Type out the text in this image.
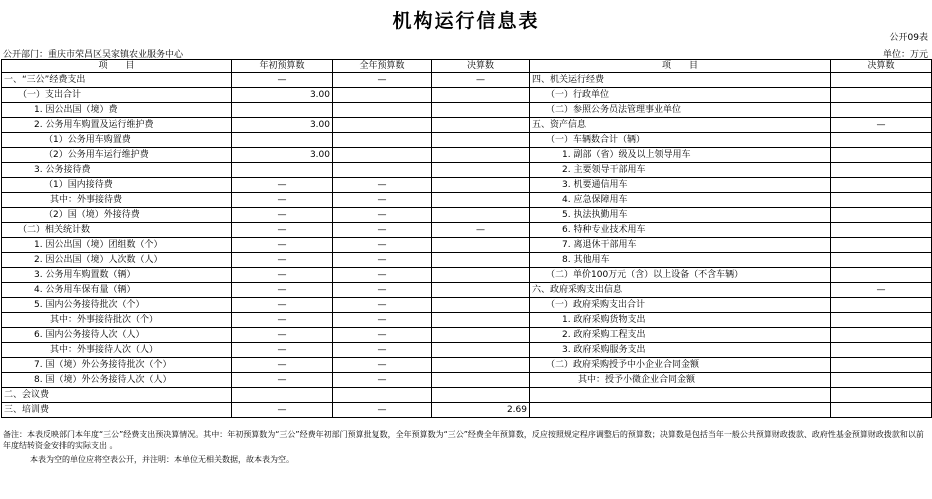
机构运行信息表
公开09表
公开部门：重庆市荣昌区吴家镇农业服务中心	单位：万元
项　　目	年初预算数	全年预算数	决算数	项　　目	决算数
一、“三公”经费支出	—	—	—	四、机关运行经费	
（一）支出合计	3.00			（一）行政单位	
1. 因公出国（境）费				（二）参照公务员法管理事业单位	
2. 公务用车购置及运行维护费	3.00			五、资产信息	—
（1）公务用车购置费				（一）车辆数合计（辆）	
（2）公务用车运行维护费	3.00			1. 副部（省）级及以上领导用车	
3. 公务接待费				2. 主要领导干部用车	
（1）国内接待费	—	—		3. 机要通信用车	
其中：外事接待费	—	—		4. 应急保障用车	
（2）国（境）外接待费	—	—		5. 执法执勤用车	
（二）相关统计数	—	—	—	6. 特种专业技术用车	
1. 因公出国（境）团组数（个）	—	—		7. 离退休干部用车	
2. 因公出国（境）人次数（人）	—	—		8. 其他用车	
3. 公务用车购置数（辆）	—	—		（二）单价100万元（含）以上设备（不含车辆）	
4. 公务用车保有量（辆）	—	—		六、政府采购支出信息	—
5. 国内公务接待批次（个）	—	—		（一）政府采购支出合计	
其中：外事接待批次（个）	—	—		1. 政府采购货物支出	
6. 国内公务接待人次（人）	—	—		2. 政府采购工程支出	
其中：外事接待人次（人）	—	—		3. 政府采购服务支出	
7. 国（境）外公务接待批次（个）	—	—		（二）政府采购授予中小企业合同金额	
8. 国（境）外公务接待人次（人）	—	—		其中：授予小微企业合同金额	
二、会议费					
三、培训费	—	—	2.69		
备注：本表反映部门本年度“三公”经费支出预决算情况。其中：年初预算数为“三公”经费年初部门预算批复数，全年预算数为“三公”经费全年预算数，反应按照规定程序调整后的预算数；决算数是包括当年一般公共预算财政拨款、政府性基金预算财政拨款和以前年度结转资金安排的实际支出 。
本表为空的单位应将空表公开，并注明：本单位无相关数据，故本表为空。
